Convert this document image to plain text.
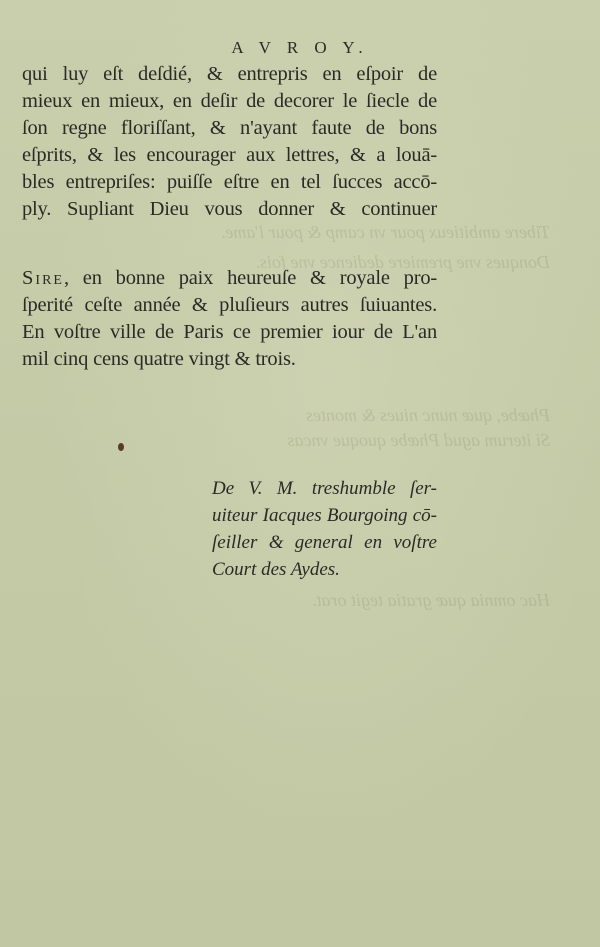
Tibere ambitieux pour vn camp & pour l'ame.
Donques vne premiere dedience vne fois.
Phæbe, quæ nunc niues & montes
Si iterum agud Phæbe quoque vncas
Hac omnia quæ gratia tegit orat.
A V R O Y.
qui luy eſt deſdié, & entrepris en eſpoir de
mieux en mieux, en deſir de decorer le ſiecle de
ſon regne floriſſant, & n'ayant faute de bons
eſprits, & les encourager aux lettres, & a louā-
bles entrepriſes: puiſſe eſtre en tel ſucces accō-
ply. Supliant Dieu vous donner & continuer
Sire, en bonne paix heureuſe & royale pro-
ſperité ceſte année & pluſieurs autres ſuiuantes.
En voſtre ville de Paris ce premier iour de L'an
mil cinq cens quatre vingt & trois.
De V. M. treshumble ſer-
uiteur Iacques Bourgoing cō-
ſeiller & general en voſtre
Court des Aydes.
